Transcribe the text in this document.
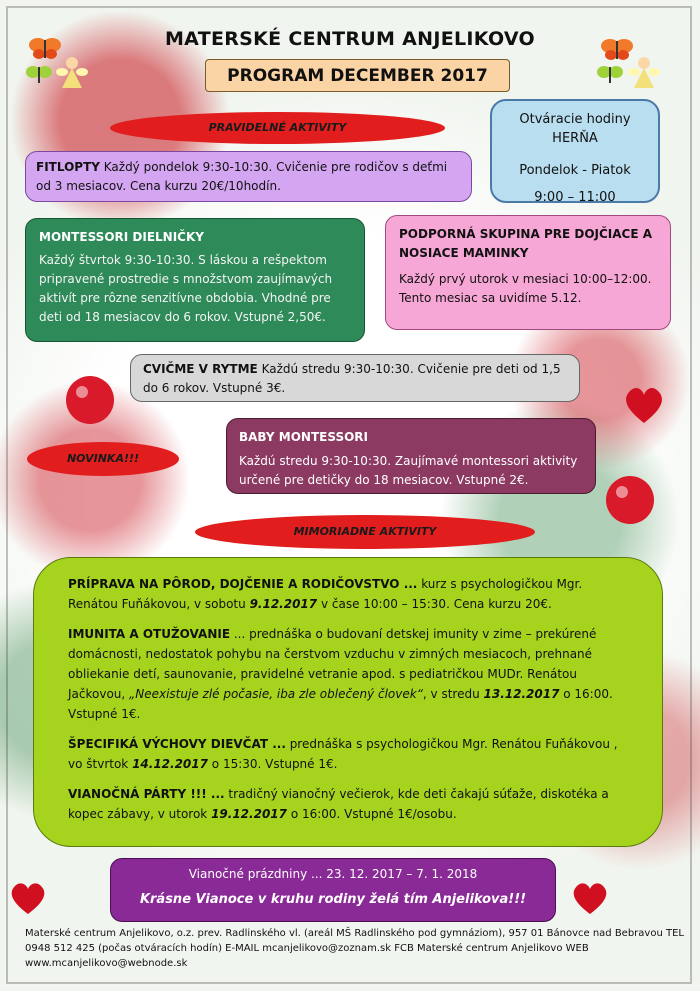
MATERSKÉ CENTRUM ANJELIKOVO
PROGRAM DECEMBER 2017
PRAVIDELNÉ AKTIVITY
NOVINKA!!!
MIMORIADNE AKTIVITY
Otváracie hodiny

HERŇA
Pondelok - Piatok
9:00 – 11:00
FITLOPTY Každý pondelok 9:30-10:30. Cvičenie pre rodičov s deťmi od 3 mesiacov. Cena kurzu 20€/10hodín.
MONTESSORI DIELNIČKY
Každý štvrtok 9:30-10:30. S láskou a rešpektom pripravené prostredie s množstvom zaujímavých aktivít pre rôzne senzitívne obdobia. Vhodné pre deti od 18 mesiacov do 6 rokov. Vstupné 2,50€.
PODPORNÁ SKUPINA PRE DOJČIACE A NOSIACE MAMINKY
Každý prvý utorok v mesiaci 10:00–12:00. Tento mesiac sa uvidíme 5.12.
CVIČME V RYTME Každú stredu 9:30-10:30. Cvičenie pre deti od 1,5 do 6 rokov. Vstupné 3€.
BABY MONTESSORI
Každú stredu 9:30-10:30. Zaujímavé montessori aktivity určené pre detičky do 18 mesiacov. Vstupné 2€.
PRÍPRAVA NA PÔROD, DOJČENIE A RODIČOVSTVO ... kurz s psychologičkou Mgr. Renátou Fuňákovou, v sobotu 9.12.2017 v čase 10:00 – 15:30. Cena kurzu 20€.
IMUNITA A OTUŽOVANIE ... prednáška o budovaní detskej imunity v zime – prekúrené domácnosti, nedostatok pohybu na čerstvom vzduchu v zimných mesiacoch, prehnané obliekanie detí, saunovanie, pravidelné vetranie apod. s pediatričkou MUDr. Renátou Jačkovou, „Neexistuje zlé počasie, iba zle oblečený človek“, v stredu 13.12.2017 o 16:00. Vstupné 1€.
ŠPECIFIKÁ VÝCHOVY DIEVČAT ... prednáška s psychologičkou Mgr. Renátou Fuňákovou , vo štvrtok 14.12.2017 o 15:30. Vstupné 1€.
VIANOČNÁ PÁRTY !!! ... tradičný vianočný večierok, kde deti čakajú súťaže, diskotéka a kopec zábavy, v utorok 19.12.2017 o 16:00. Vstupné 1€/osobu.
Vianočné prázdniny ... 23. 12. 2017 – 7. 1. 2018
Krásne Vianoce v kruhu rodiny želá tím Anjelikova!!!
Materské centrum Anjelikovo, o.z. prev. Radlinského vl. (areál MŠ Radlinského pod gymnáziom), 957 01 Bánovce nad Bebravou TEL 0948 512 425 (počas otváracích hodín) E-MAIL mcanjelikovo@zoznam.sk FCB Materské centrum Anjelikovo WEB www.mcanjelikovo@webnode.sk
